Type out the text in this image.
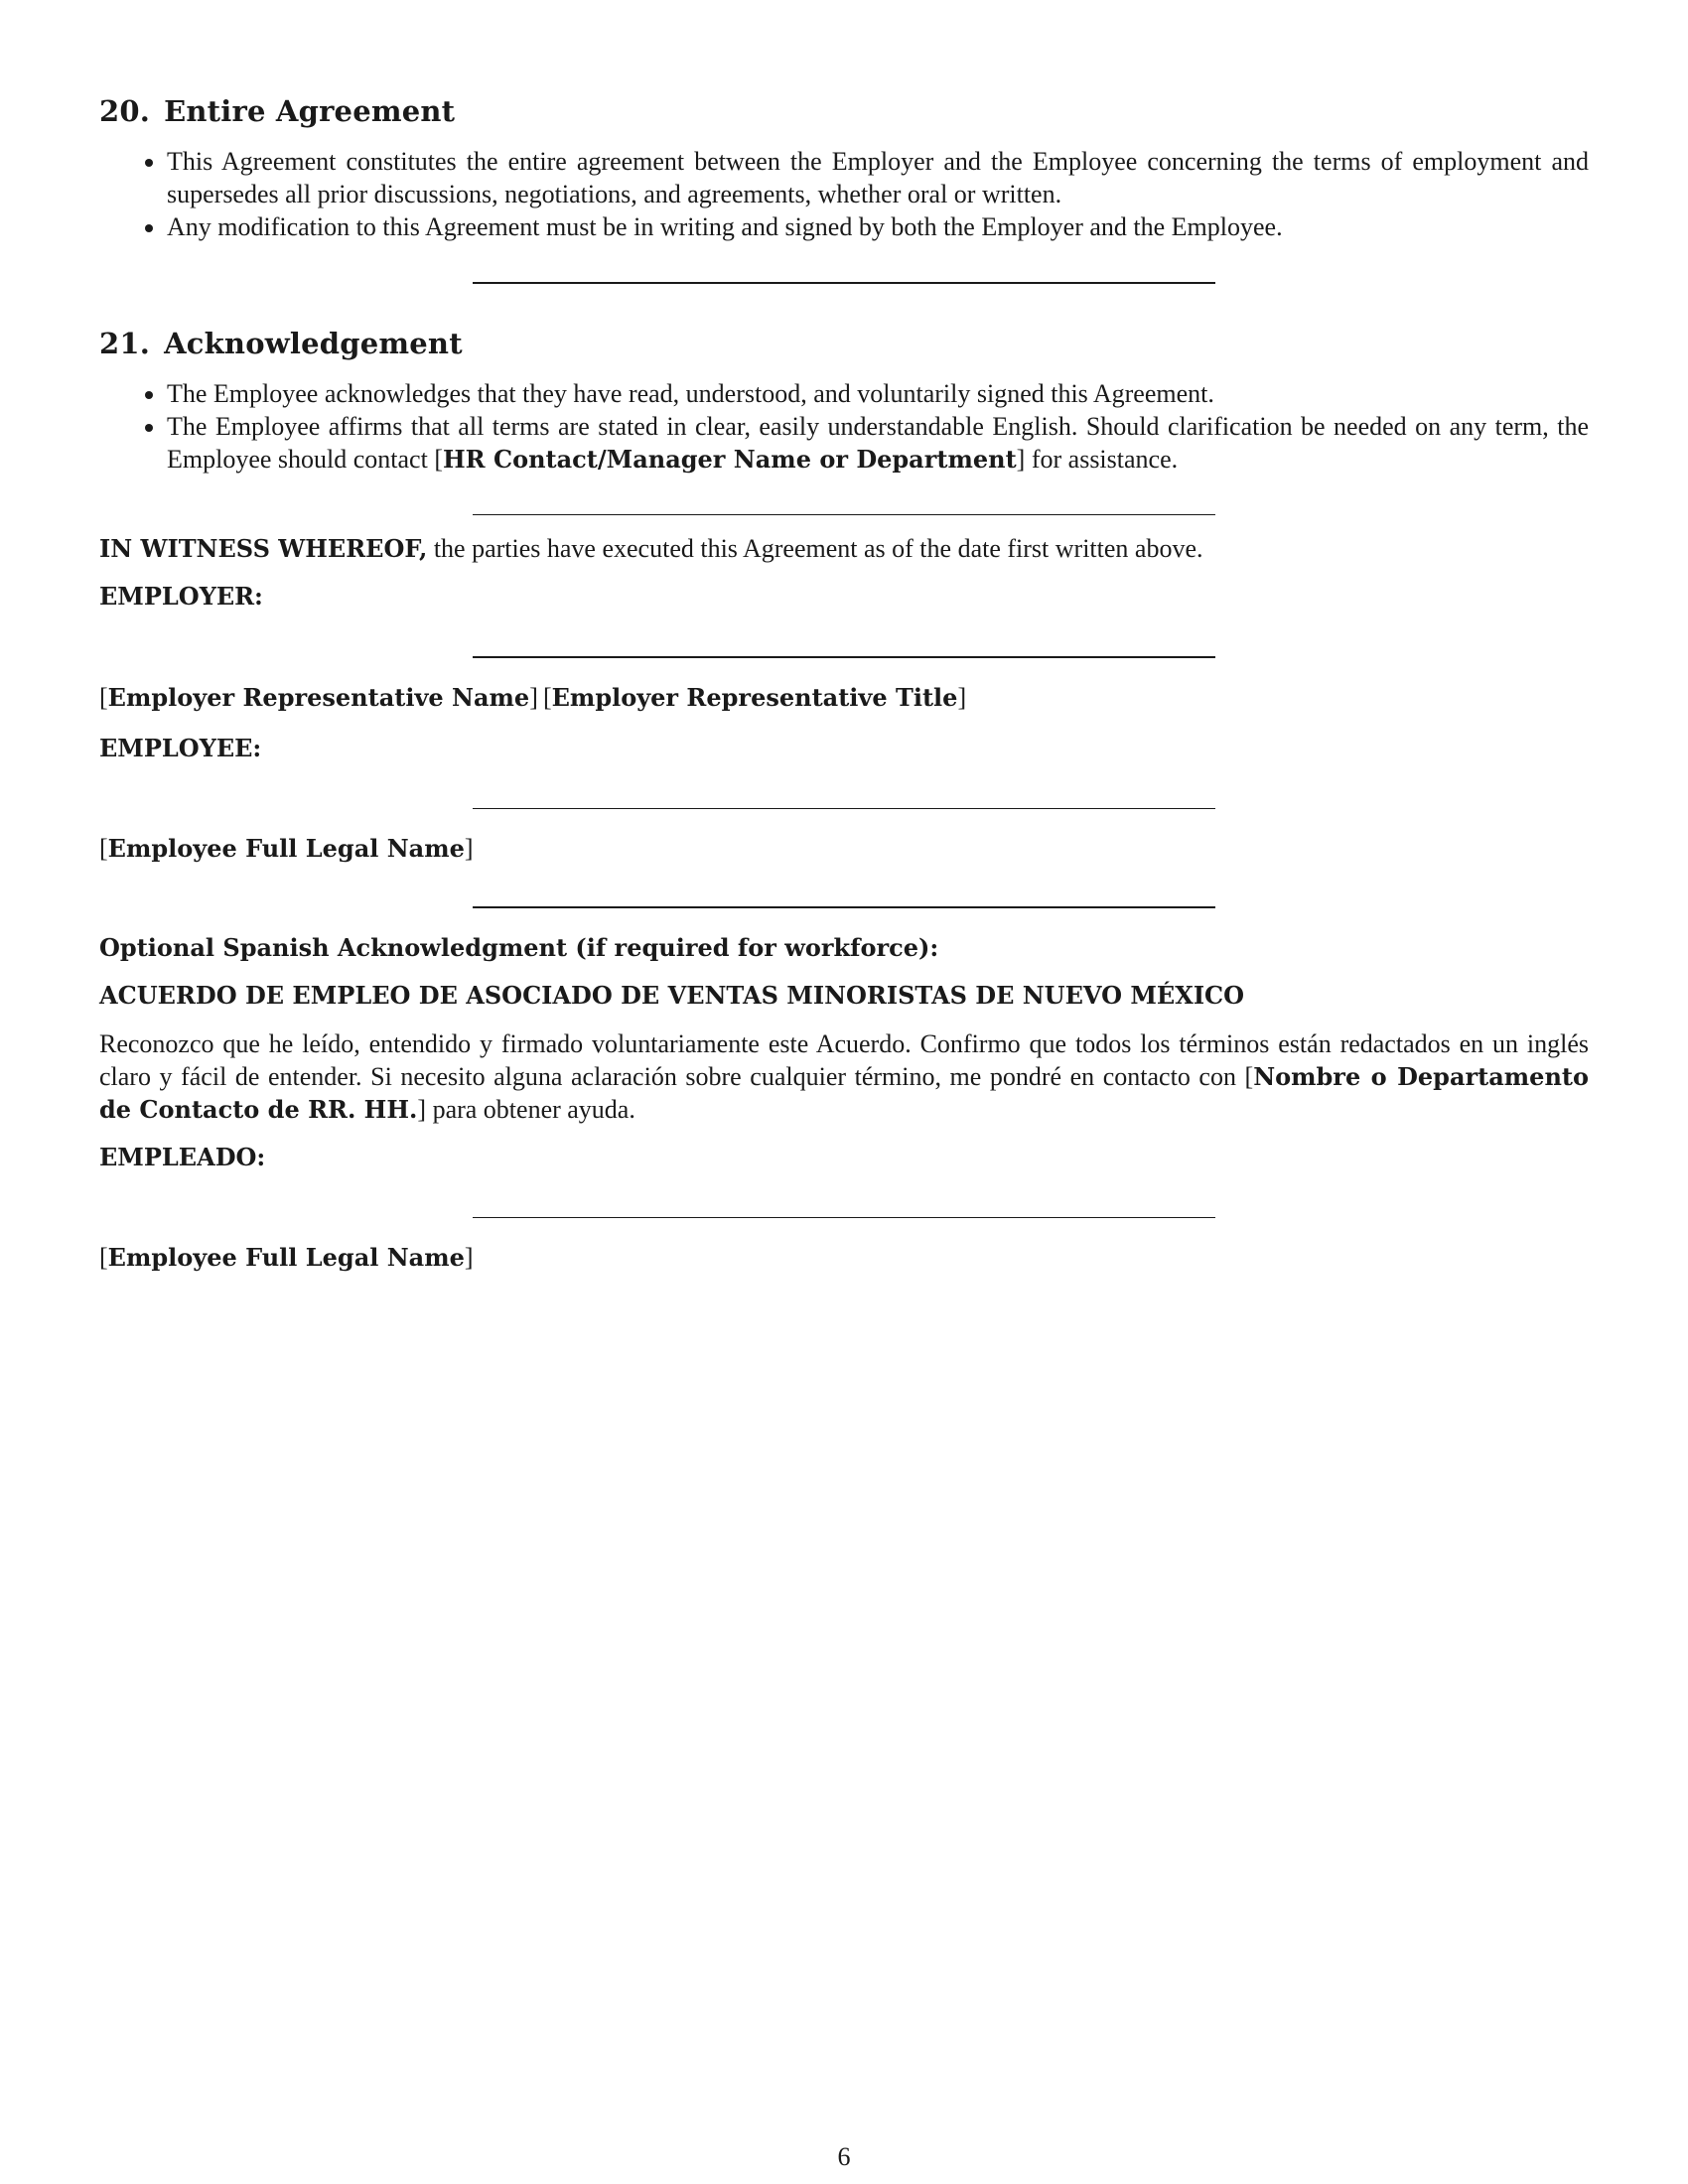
20. Entire Agreement
• This Agreement constitutes the entire agreement between the Employer and the Employee concerning the terms of employment and supersedes all prior discussions, negotiations, and agreements, whether oral or written.
• Any modification to this Agreement must be in writing and signed by both the Employer and the Employee.
21. Acknowledgement
• The Employee acknowledges that they have read, understood, and voluntarily signed this Agreement.
• The Employee affirms that all terms are stated in clear, easily understandable English. Should clarification be needed on any term, the Employee should contact [HR Contact/Manager Name or Department] for assistance.

IN WITNESS WHEREOF, the parties have executed this Agreement as of the date first written above.

EMPLOYER:

[Employer Representative Name] [Employer Representative Title]

EMPLOYEE:

[Employee Full Legal Name]

Optional Spanish Acknowledgment (if required for workforce):

ACUERDO DE EMPLEO DE ASOCIADO DE VENTAS MINORISTAS DE NUEVO MÉXICO

Reconozco que he leído, entendido y firmado voluntariamente este Acuerdo. Confirmo que todos los términos están redactados en un inglés claro y fácil de entender. Si necesito alguna aclaración sobre cualquier término, me pondré en contacto con [Nombre o Departamento de Contacto de RR. HH.] para obtener ayuda.

EMPLEADO:

[Employee Full Legal Name]

6
